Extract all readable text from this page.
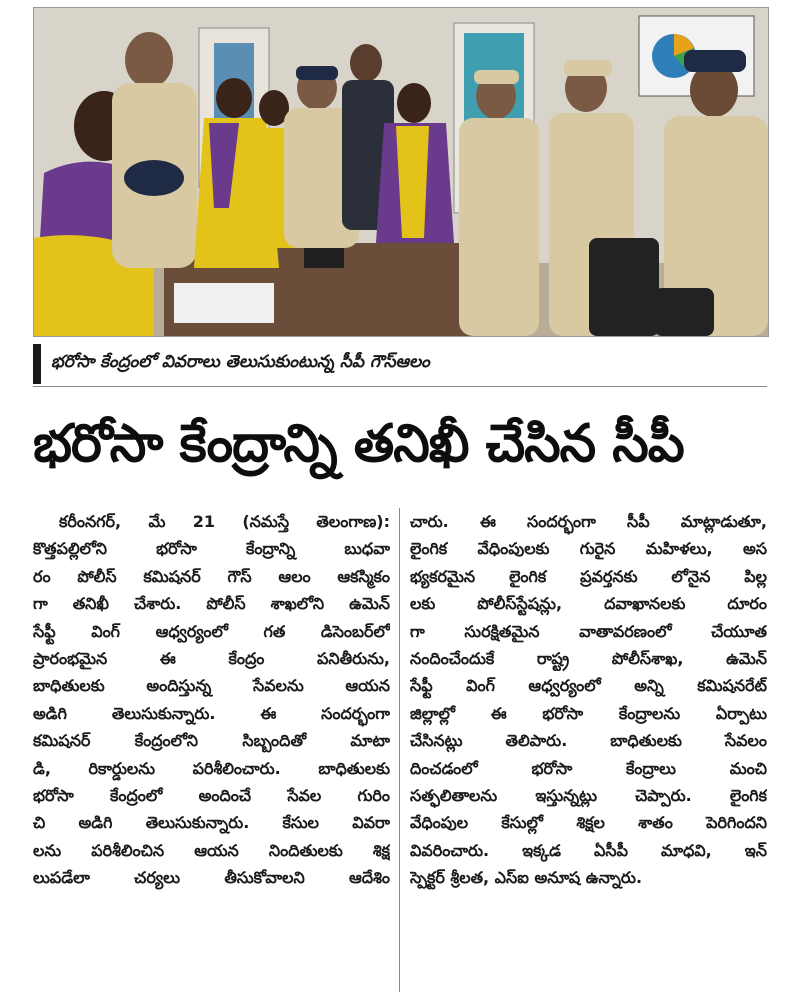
భరోసా కేంద్రంలో వివరాలు తెలుసుకుంటున్న సీపీ గౌస్‌ఆలం
భరోసా కేంద్రాన్ని తనిఖీ చేసిన సీపీ
కరీంనగర్, మే 21 (నమస్తే తెలంగాణ):
కొత్తపల్లిలోని భరోసా కేంద్రాన్ని బుధవా
రం పోలీస్ కమిషనర్ గౌస్ ఆలం ఆకస్మికం
గా తనిఖీ చేశారు. పోలీస్ శాఖలోని ఉమెన్
సేఫ్టీ వింగ్ ఆధ్వర్యంలో గత డిసెంబర్‌లో
ప్రారంభమైన ఈ కేంద్రం పనితీరును,
బాధితులకు అందిస్తున్న సేవలను ఆయన
అడిగి తెలుసుకున్నారు. ఈ సందర్భంగా
కమిషనర్ కేంద్రంలోని సిబ్బందితో మాటా
డి, రికార్డులను పరిశీలించారు. బాధితులకు
భరోసా కేంద్రంలో అందించే సేవల గురిం
చి అడిగి తెలుసుకున్నారు. కేసుల వివరా
లను పరిశీలించిన ఆయన నిందితులకు శిక్ష
లుపడేలా చర్యలు తీసుకోవాలని ఆదేశిం
చారు. ఈ సందర్భంగా సీపీ మాట్లాడుతూ,
లైంగిక వేధింపులకు గురైన మహిళలు, అస
భ్యకరమైన లైంగిక ప్రవర్తనకు లోనైన పిల్ల
లకు పోలీస్‌స్టేషన్లు, దవాఖానలకు దూరం
గా సురక్షితమైన వాతావరణంలో చేయూత
నందించేందుకే రాష్ట్ర పోలీస్‌శాఖ, ఉమెన్
సేఫ్టీ వింగ్ ఆధ్వర్యంలో అన్ని కమిషనరేట్
జిల్లాల్లో ఈ భరోసా కేంద్రాలను ఏర్పాటు
చేసినట్లు తెలిపారు. బాధితులకు సేవలం
దించడంలో భరోసా కేంద్రాలు మంచి
సత్ఫలితాలను ఇస్తున్నట్లు చెప్పారు. లైంగిక
వేధింపుల కేసుల్లో శిక్షల శాతం పెరిగిందని
వివరించారు. ఇక్కడ ఏసీపీ మాధవి, ఇన్
స్పెక్టర్ శ్రీలత, ఎస్‌ఐ అనూష ఉన్నారు.
